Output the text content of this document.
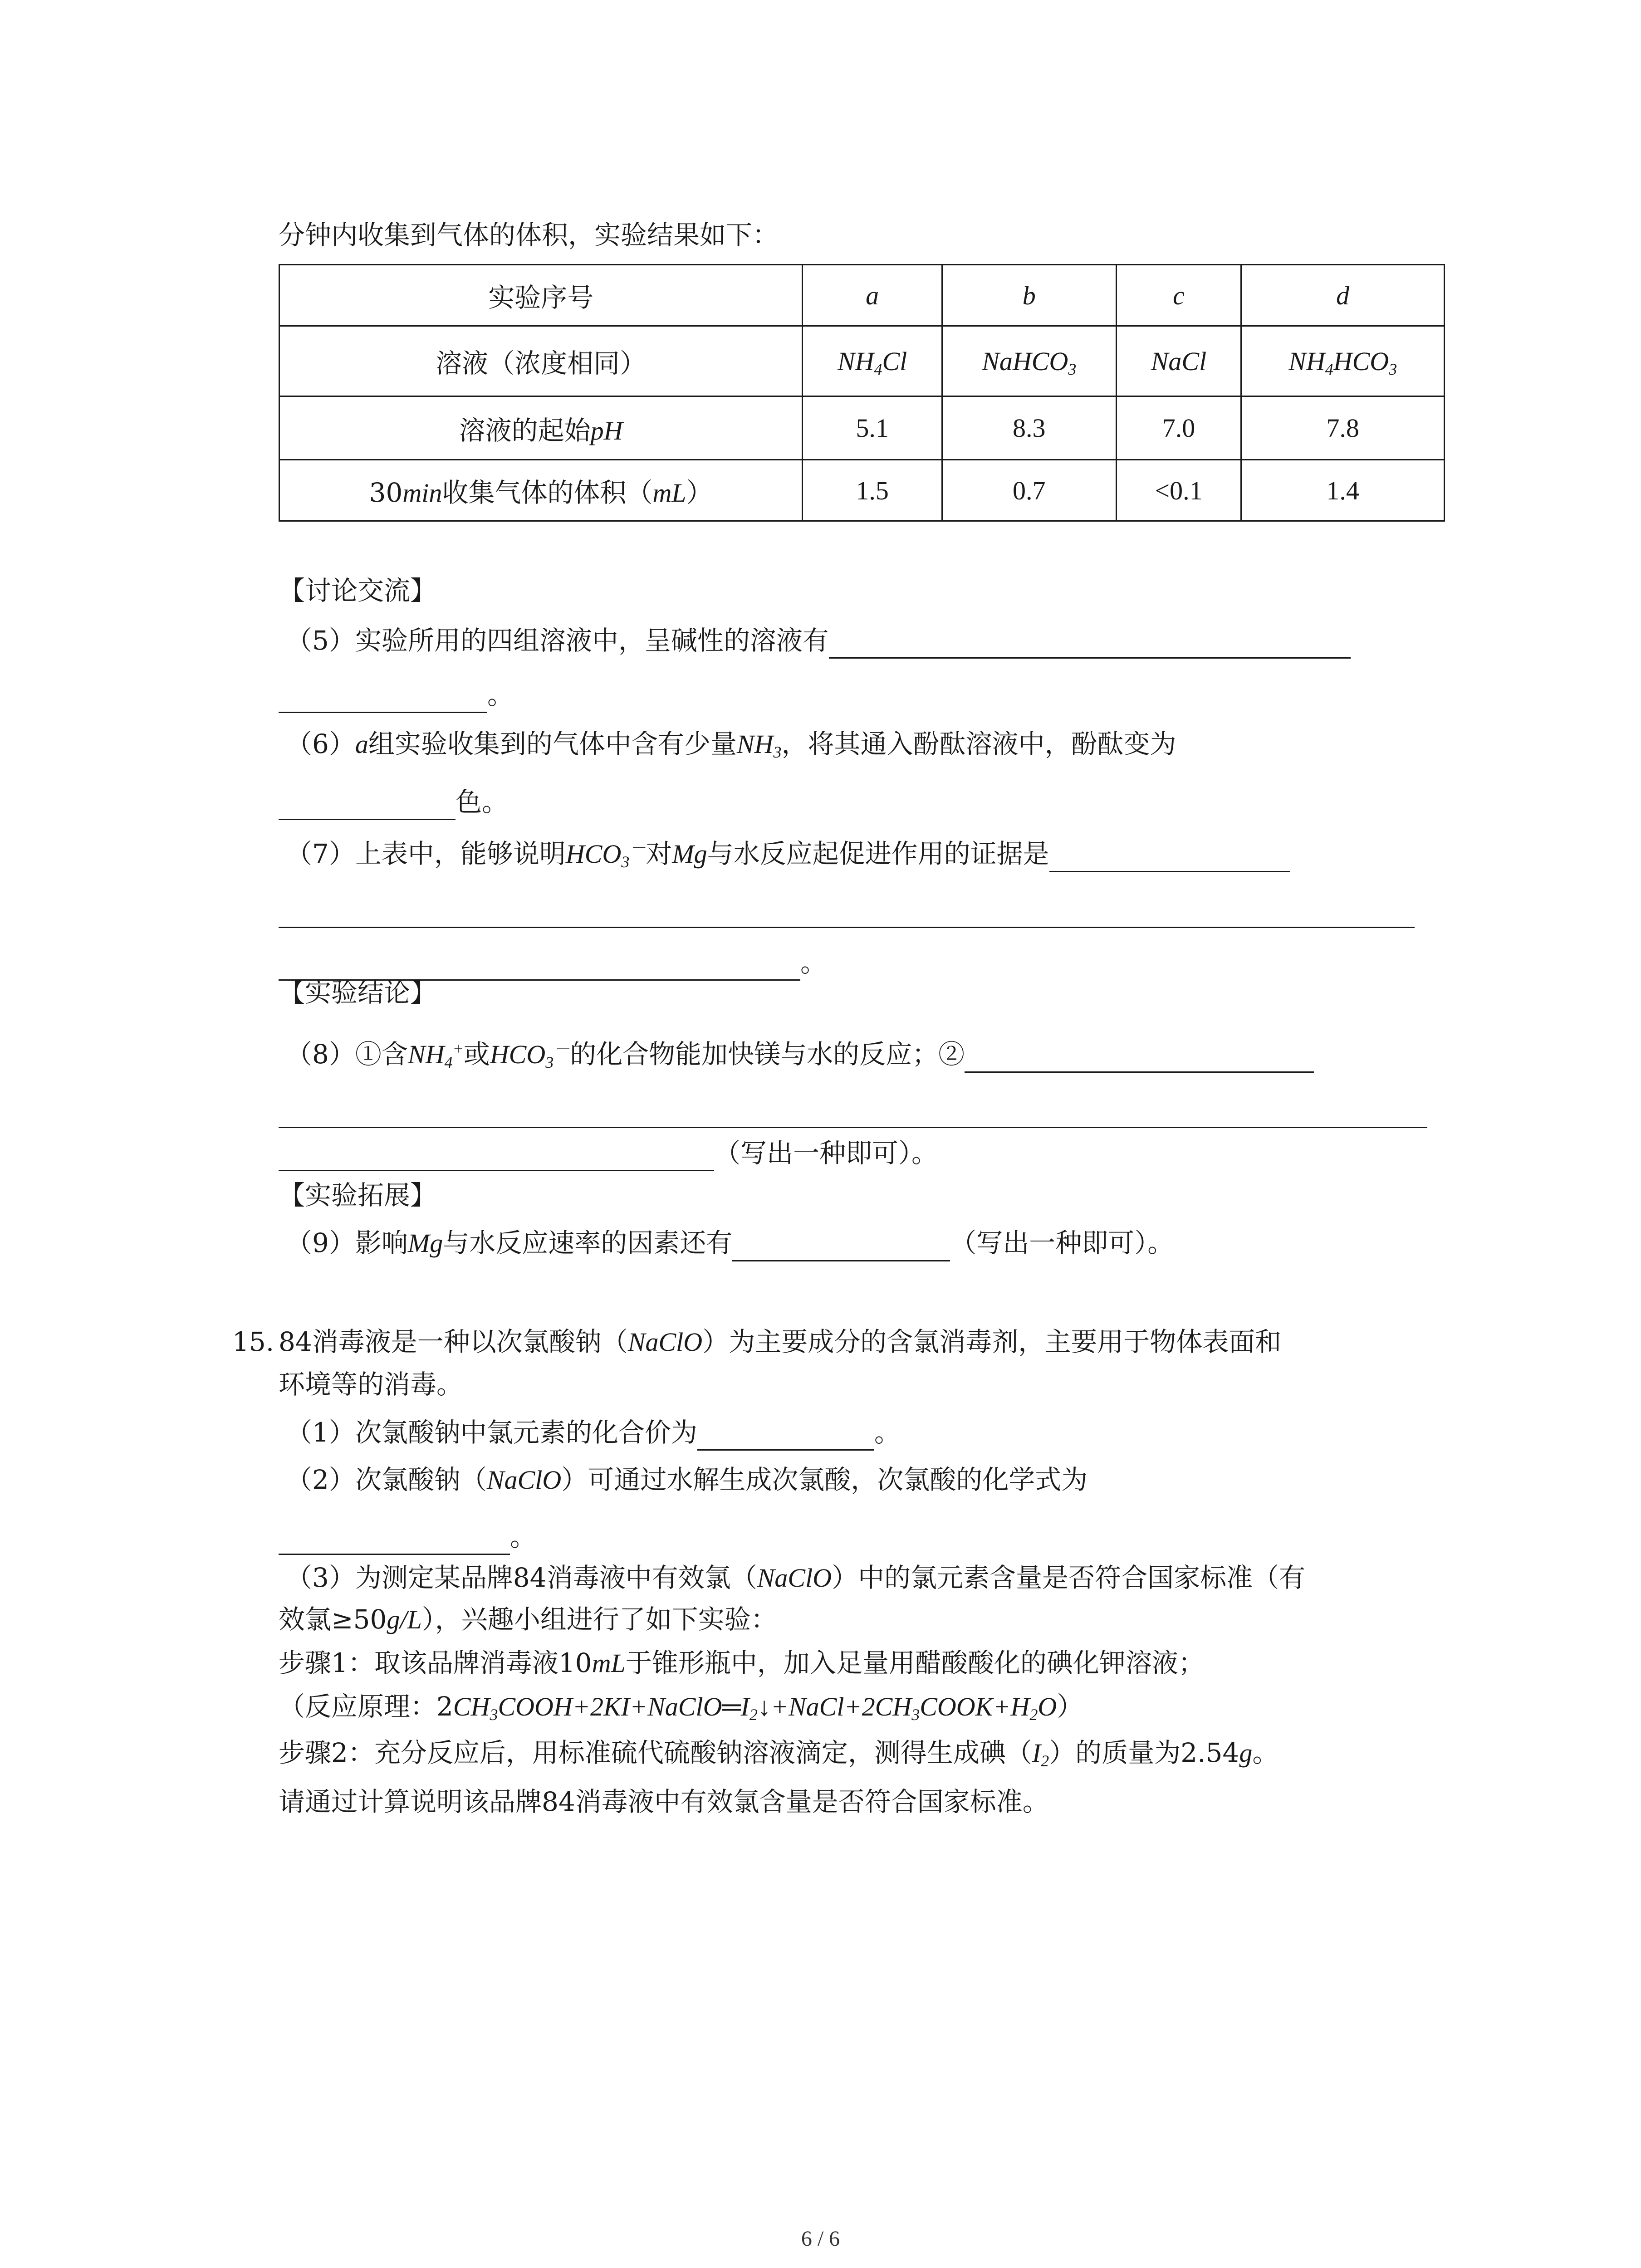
分钟内收集到气体的体积，实验结果如下：
实验序号	a	b	c	d
溶液（浓度相同）	$NH_4Cl$	NaHCO$_3$	NaCl	$NH_4HCO_3$
溶液的起始pH	5.1	8.3	7.0	7.8
30min收集气体的体积（mL）	1.5	0.7	<0.1	1.4
【讨论交流】
（5）实验所用的四组溶液中，呈碱性的溶液有
。
（6）a组实验收集到的气体中含有少量$NH_3$，将其通入酚酞溶液中，酚酞变为
色。
（7）上表中，能够说明$HCO_3^-$对Mg与水反应起促进作用的证据是
。
【实验结论】
（8）①含$NH_4^+$或$HCO_3^-$的化合物能加快镁与水的反应；②
（写出一种即可）。
【实验拓展】
（9）影响Mg与水反应速率的因素还有	（写出一种即可）。
15. 84消毒液是一种以次氯酸钠（NaClO）为主要成分的含氯消毒剂，主要用于物体表面和
环境等的消毒。
（1）次氯酸钠中氯元素的化合价为	。
（2）次氯酸钠（NaClO）可通过水解生成次氯酸，次氯酸的化学式为
。
（3）为测定某品牌84消毒液中有效氯（NaClO）中的氯元素含量是否符合国家标准（有
效氯≥50g/L），兴趣小组进行了如下实验：
步骤1：取该品牌消毒液10mL于锥形瓶中，加入足量用醋酸酸化的碘化钾溶液；
（反应原理：$2CH_3COOH+2KI+NaClO═I_2↓+NaCl+2CH_3COOK+H_2O$）
步骤2：充分反应后，用标准硫代硫酸钠溶液滴定，测得生成碘$(I_2)$的质量为2.54g。
请通过计算说明该品牌84消毒液中有效氯含量是否符合国家标准。
6 / 6
